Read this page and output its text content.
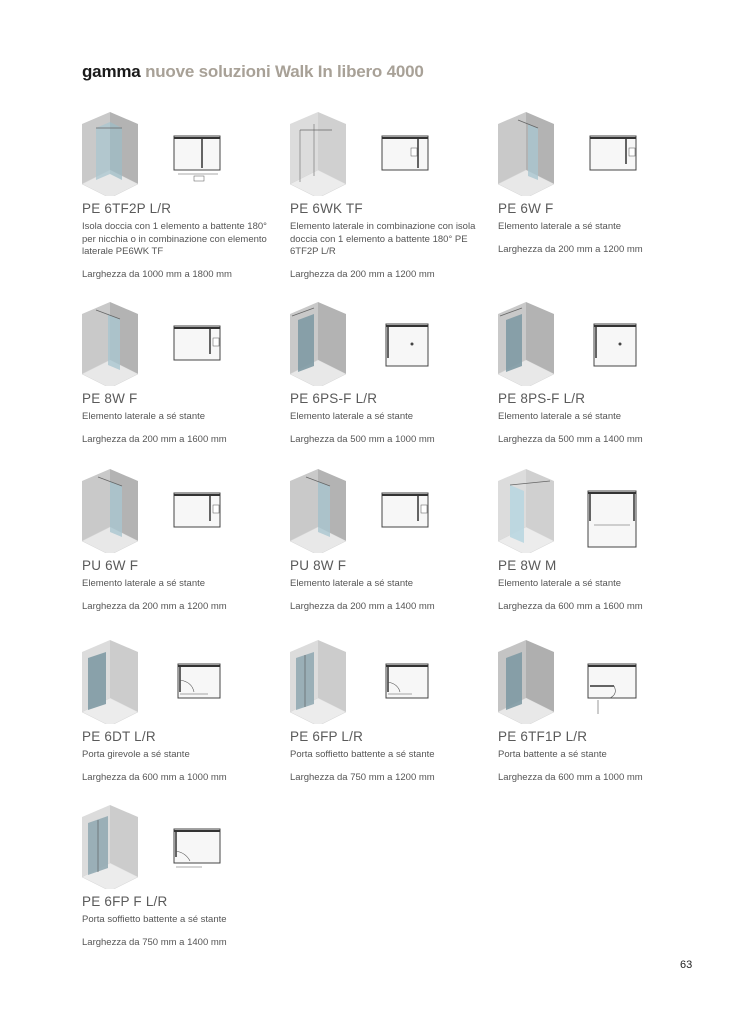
gamma nuove soluzioni Walk In libero 4000
PE 6TF2P L/R
Isola doccia con 1 elemento a battente 180° per nicchia o in combinazione con elemento laterale PE6WK TF
Larghezza da 1000 mm a 1800 mm
PE 6WK TF
Elemento laterale in combinazione con isola doccia con 1 elemento a battente 180° PE 6TF2P L/R
Larghezza da 200 mm a 1200 mm
PE 6W F
Elemento laterale a sé stante
Larghezza da 200 mm a 1200 mm
PE 8W F
Elemento laterale a sé stante
Larghezza da 200 mm a 1600 mm
PE 6PS-F L/R
Elemento laterale a sé stante
Larghezza da 500 mm a 1000 mm
PE 8PS-F L/R
Elemento laterale a sé stante
Larghezza da 500 mm a 1400 mm
PU 6W F
Elemento laterale a sé stante
Larghezza da 200 mm a 1200 mm
PU 8W F
Elemento laterale a sé stante
Larghezza da 200 mm a 1400 mm
PE 8W M
Elemento laterale a sé stante
Larghezza da 600 mm a 1600 mm
PE 6DT L/R
Porta girevole a sé stante
Larghezza da 600 mm a 1000 mm
PE 6FP L/R
Porta soffietto battente a sé stante
Larghezza da 750 mm a 1200 mm
PE 6TF1P L/R
Porta battente a sé stante
Larghezza da 600 mm a 1000 mm
PE 6FP F L/R
Porta soffietto battente a sé stante
Larghezza da 750 mm a 1400 mm
63
